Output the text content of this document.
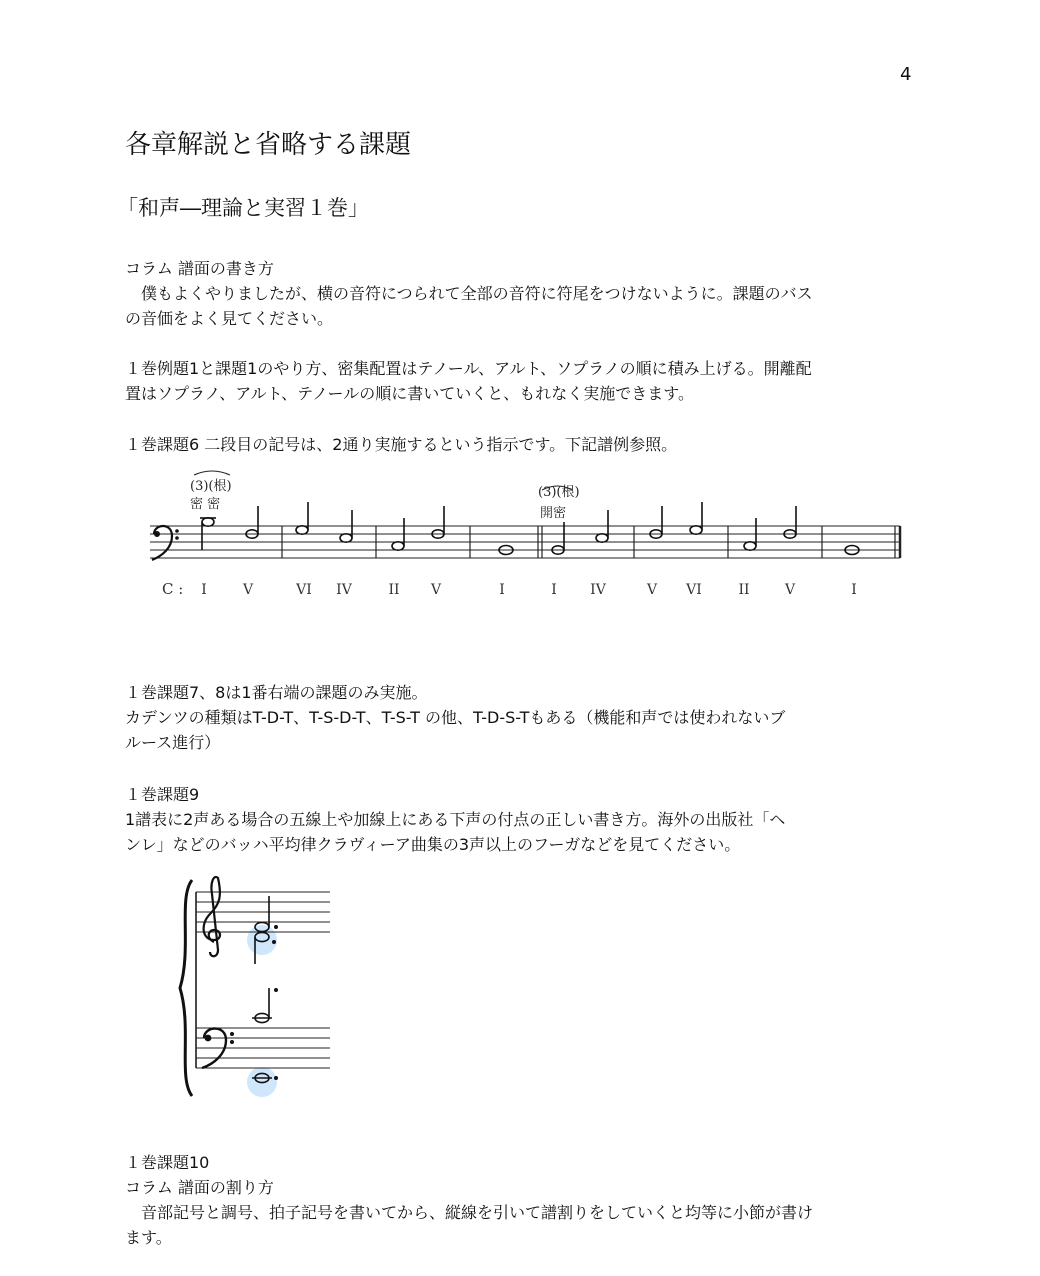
4
各章解説と省略する課題
「和声―理論と実習１巻」
コラム 譜面の書き方
　僕もよくやりましたが、横の音符につられて全部の音符に符尾をつけないように。課題のバス
の音価をよく見てください。
１巻例題1と課題1のやり方、密集配置はテノール、アルト、ソプラノの順に積み上げる。開離配
置はソプラノ、アルト、テノールの順に書いていくと、もれなく実施できます。
１巻課題6 二段目の記号は、2通り実施するという指示です。下記譜例参照。
(3)(根)
密 密
(3)(根)
開密
C : I	V	VI IV	II V	I	I IV	V VI	II	V	I
１巻課題7、8は1番右端の課題のみ実施。
カデンツの種類はT-D-T、T-S-D-T、T-S-T の他、T-D-S-Tもある（機能和声では使われないブ
ルース進行）
１巻課題9
1譜表に2声ある場合の五線上や加線上にある下声の付点の正しい書き方。海外の出版社「ヘ
ンレ」などのバッハ平均律クラヴィーア曲集の3声以上のフーガなどを見てください。
１巻課題10
コラム 譜面の割り方
　音部記号と調号、拍子記号を書いてから、縦線を引いて譜割りをしていくと均等に小節が書け
ます。
